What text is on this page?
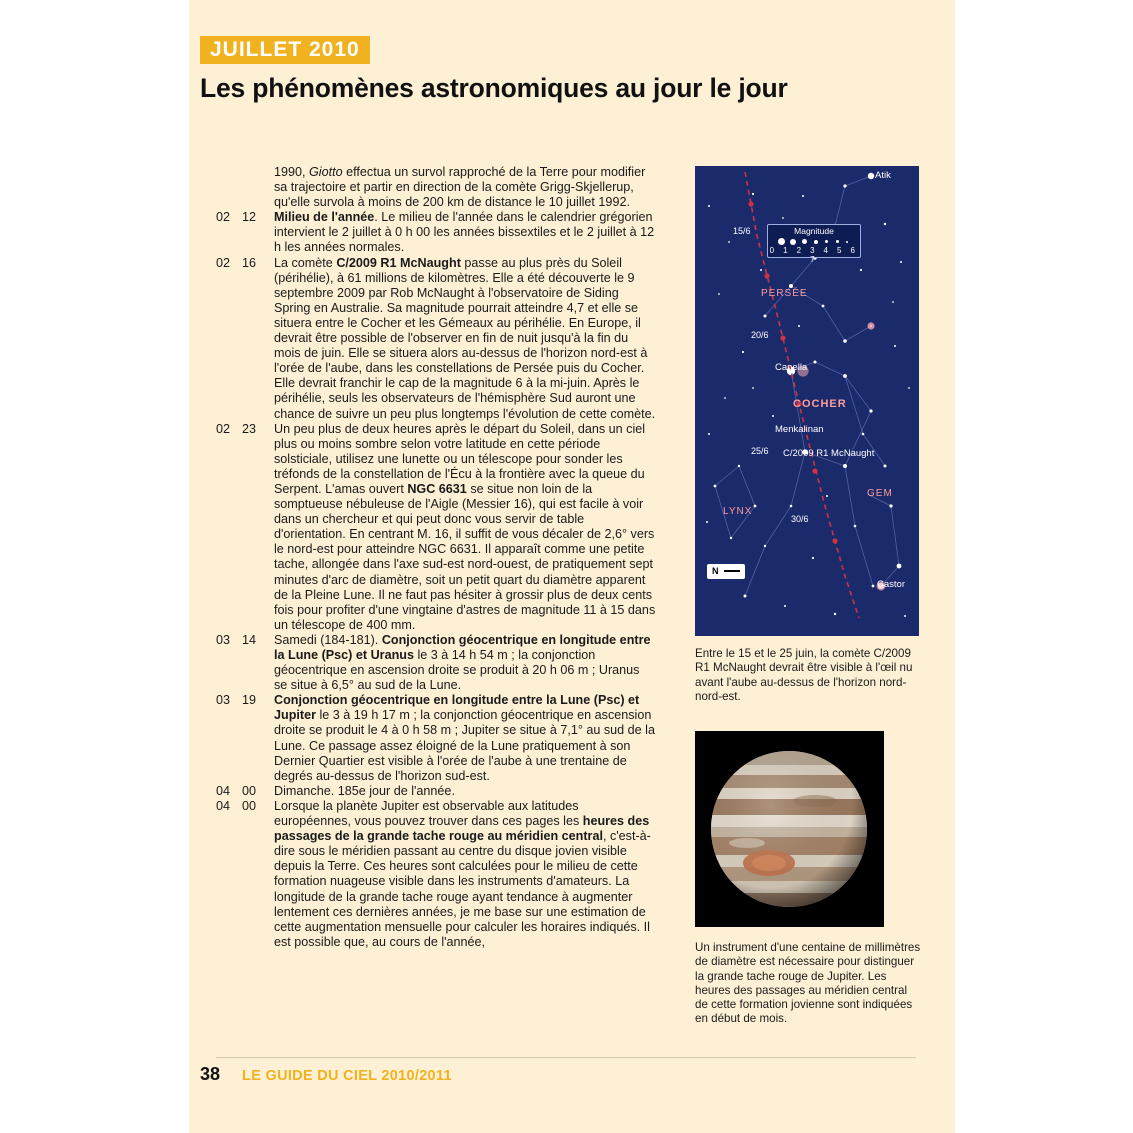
JUILLET 2010
Les phénomènes astronomiques au jour le jour
1990, Giotto effectua un survol rapproché de la Terre pour modifier sa trajectoire et partir en direction de la comète Grigg-Skjellerup, qu'elle survola à moins de 200 km de distance le 10 juillet 1992.
02 12	Milieu de l'année. Le milieu de l'année dans le calendrier grégorien intervient le 2 juillet à 0 h 00 les années bissextiles et le 2 juillet à 12 h les années normales.
02 16	La comète C/2009 R1 McNaught passe au plus près du Soleil (périhélie), à 61 millions de kilomètres. Elle a été découverte le 9 septembre 2009 par Rob McNaught à l'observatoire de Siding Spring en Australie. Sa magnitude pourrait atteindre 4,7 et elle se situera entre le Cocher et les Gémeaux au périhélie. En Europe, il devrait être possible de l'observer en fin de nuit jusqu'à la fin du mois de juin. Elle se situera alors au-dessus de l'horizon nord-est à l'orée de l'aube, dans les constellations de Persée puis du Cocher. Elle devrait franchir le cap de la magnitude 6 à la mi-juin. Après le périhélie, seuls les observateurs de l'hémisphère Sud auront une chance de suivre un peu plus longtemps l'évolution de cette comète.
02 23	Un peu plus de deux heures après le départ du Soleil, dans un ciel plus ou moins sombre selon votre latitude en cette période solsticiale, utilisez une lunette ou un télescope pour sonder les tréfonds de la constellation de l'Écu à la frontière avec la queue du Serpent. L'amas ouvert NGC 6631 se situe non loin de la somptueuse nébuleuse de l'Aigle (Messier 16), qui est facile à voir dans un chercheur et qui peut donc vous servir de table d'orientation. En centrant M. 16, il suffit de vous décaler de 2,6° vers le nord-est pour atteindre NGC 6631. Il apparaît comme une petite tache, allongée dans l'axe sud-est nord-ouest, de pratiquement sept minutes d'arc de diamètre, soit un petit quart du diamètre apparent de la Pleine Lune. Il ne faut pas hésiter à grossir plus de deux cents fois pour profiter d'une vingtaine d'astres de magnitude 11 à 15 dans un télescope de 400 mm.
03 14	Samedi (184-181). Conjonction géocentrique en longitude entre la Lune (Psc) et Uranus le 3 à 14 h 54 m ; la conjonction géocentrique en ascension droite se produit à 20 h 06 m ; Uranus se situe à 6,5° au sud de la Lune.
03 19	Conjonction géocentrique en longitude entre la Lune (Psc) et Jupiter le 3 à 19 h 17 m ; la conjonction géocentrique en ascension droite se produit le 4 à 0 h 58 m ; Jupiter se situe à 7,1° au sud de la Lune. Ce passage assez éloigné de la Lune pratiquement à son Dernier Quartier est visible à l'orée de l'aube à une trentaine de degrés au-dessus de l'horizon sud-est.
04 00	Dimanche. 185e jour de l'année.
04 00	Lorsque la planète Jupiter est observable aux latitudes européennes, vous pouvez trouver dans ces pages les heures des passages de la grande tache rouge au méridien central, c'est-à-dire sous le méridien passant au centre du disque jovien visible depuis la Terre. Ces heures sont calculées pour le milieu de cette formation nuageuse visible dans les instruments d'amateurs. La longitude de la grande tache rouge ayant tendance à augmenter lentement ces dernières années, je me base sur une estimation de cette augmentation mensuelle pour calculer les horaires indiqués. Il est possible que, au cours de l'année,
Magnitude
0 1 2 3 4 5 6 7
Atik
Capella
Menkalinan
Castor
PERSÉE
COCHER
GEM
LYNX
15/6
20/6
25/6
30/6
C/2009 R1 McNaught
N
Entre le 15 et le 25 juin, la comète C/2009 R1 McNaught devrait être visible à l'œil nu avant l'aube au-dessus de l'horizon nord-nord-est.
Un instrument d'une centaine de millimètres de diamètre est nécessaire pour distinguer la grande tache rouge de Jupiter. Les heures des passages au méridien central de cette formation jovienne sont indiquées en début de mois.
38 LE GUIDE DU CIEL 2010/2011
